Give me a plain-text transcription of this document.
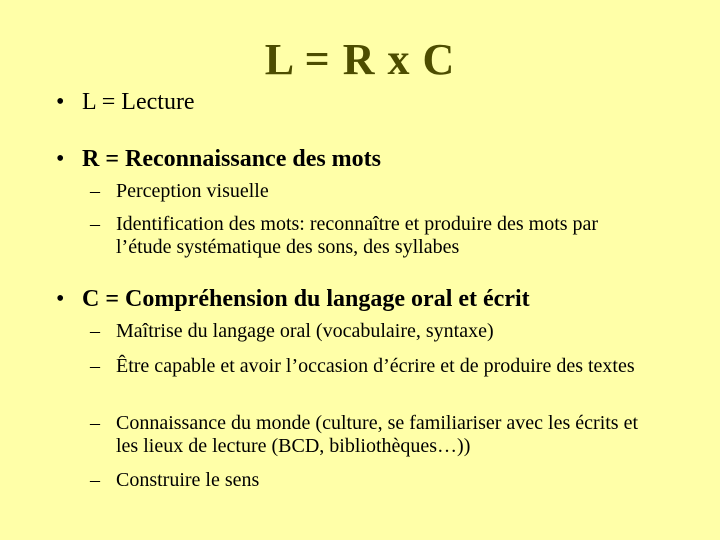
L = R x C
• L = Lecture
• R = Reconnaissance des mots
– Perception visuelle
– Identification des mots: reconnaître et produire des mots par l’étude systématique des sons, des syllabes
• C = Compréhension du langage oral et écrit
– Maîtrise du langage oral (vocabulaire, syntaxe)
– Être capable et avoir l’occasion d’écrire et de produire des textes
– Connaissance du monde (culture, se familiariser avec les écrits et les lieux de lecture (BCD, bibliothèques…))
– Construire le sens
